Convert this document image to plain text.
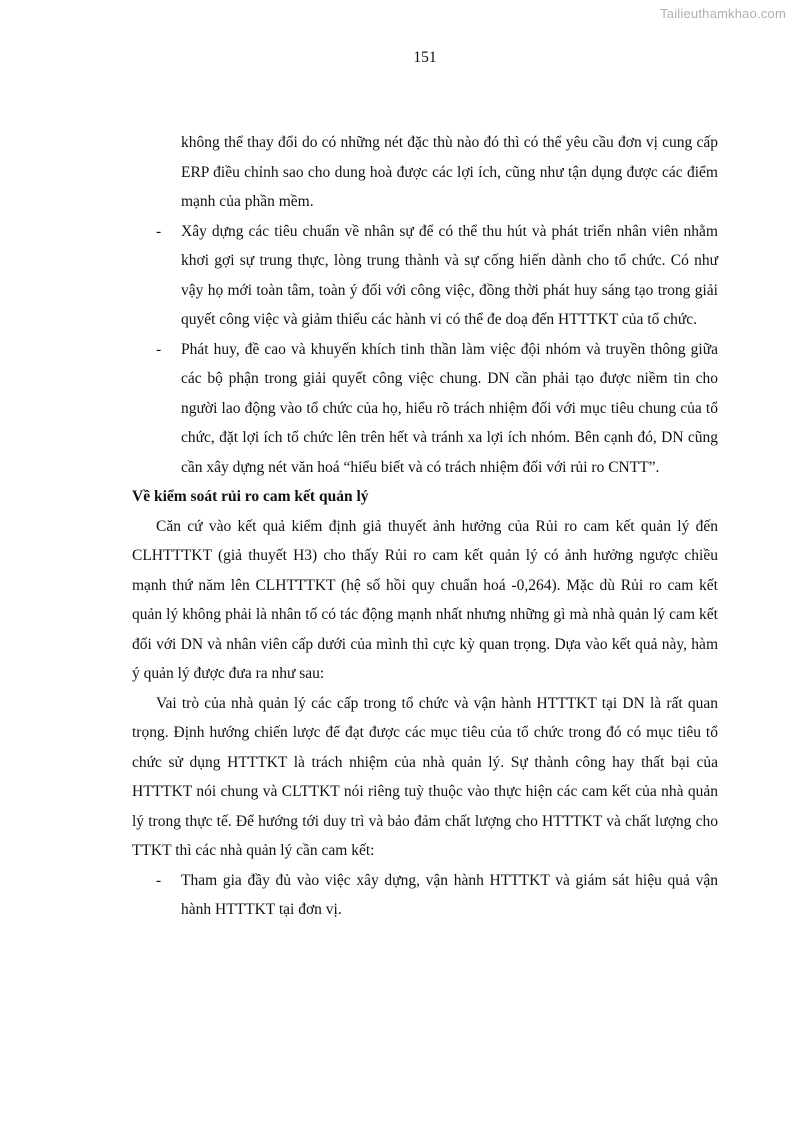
Tailieuthamkhao.com
151

không thể thay đổi do có những nét đặc thù nào đó thì có thể yêu cầu đơn vị cung cấp ERP điều chỉnh sao cho dung hoà được các lợi ích, cũng như tận dụng được các điểm mạnh của phần mềm.

- Xây dựng các tiêu chuẩn về nhân sự để có thể thu hút và phát triển nhân viên nhằm khơi gợi sự trung thực, lòng trung thành và sự cống hiến dành cho tổ chức. Có như vậy họ mới toàn tâm, toàn ý đối với công việc, đồng thời phát huy sáng tạo trong giải quyết công việc và giảm thiểu các hành vi có thể đe doạ đến HTTTKT của tổ chức.
- Phát huy, đề cao và khuyến khích tinh thần làm việc đội nhóm và truyền thông giữa các bộ phận trong giải quyết công việc chung. DN cần phải tạo được niềm tin cho người lao động vào tổ chức của họ, hiểu rõ trách nhiệm đối với mục tiêu chung của tổ chức, đặt lợi ích tổ chức lên trên hết và tránh xa lợi ích nhóm. Bên cạnh đó, DN cũng cần xây dựng nét văn hoá “hiểu biết và có trách nhiệm đối với rủi ro CNTT”.

Về kiểm soát rủi ro cam kết quản lý

Căn cứ vào kết quả kiểm định giả thuyết ảnh hưởng của Rủi ro cam kết quản lý đến CLHTTTKT (giả thuyết H3) cho thấy Rủi ro cam kết quản lý có ảnh hưởng ngược chiều mạnh thứ năm lên CLHTTTKT (hệ số hồi quy chuẩn hoá -0,264). Mặc dù Rủi ro cam kết quản lý không phải là nhân tố có tác động mạnh nhất nhưng những gì mà nhà quản lý cam kết đối với DN và nhân viên cấp dưới của mình thì cực kỳ quan trọng. Dựa vào kết quả này, hàm ý quản lý được đưa ra như sau:

Vai trò của nhà quản lý các cấp trong tổ chức và vận hành HTTTKT tại DN là rất quan trọng. Định hướng chiến lược để đạt được các mục tiêu của tổ chức trong đó có mục tiêu tổ chức sử dụng HTTTKT là trách nhiệm của nhà quản lý. Sự thành công hay thất bại của HTTTKT nói chung và CLTTKT nói riêng tuỳ thuộc vào thực hiện các cam kết của nhà quản lý trong thực tế. Để hướng tới duy trì và bảo đảm chất lượng cho HTTTKT và chất lượng cho TTKT thì các nhà quản lý cần cam kết:

- Tham gia đầy đủ vào việc xây dựng, vận hành HTTTKT và giám sát hiệu quả vận hành HTTTKT tại đơn vị.
